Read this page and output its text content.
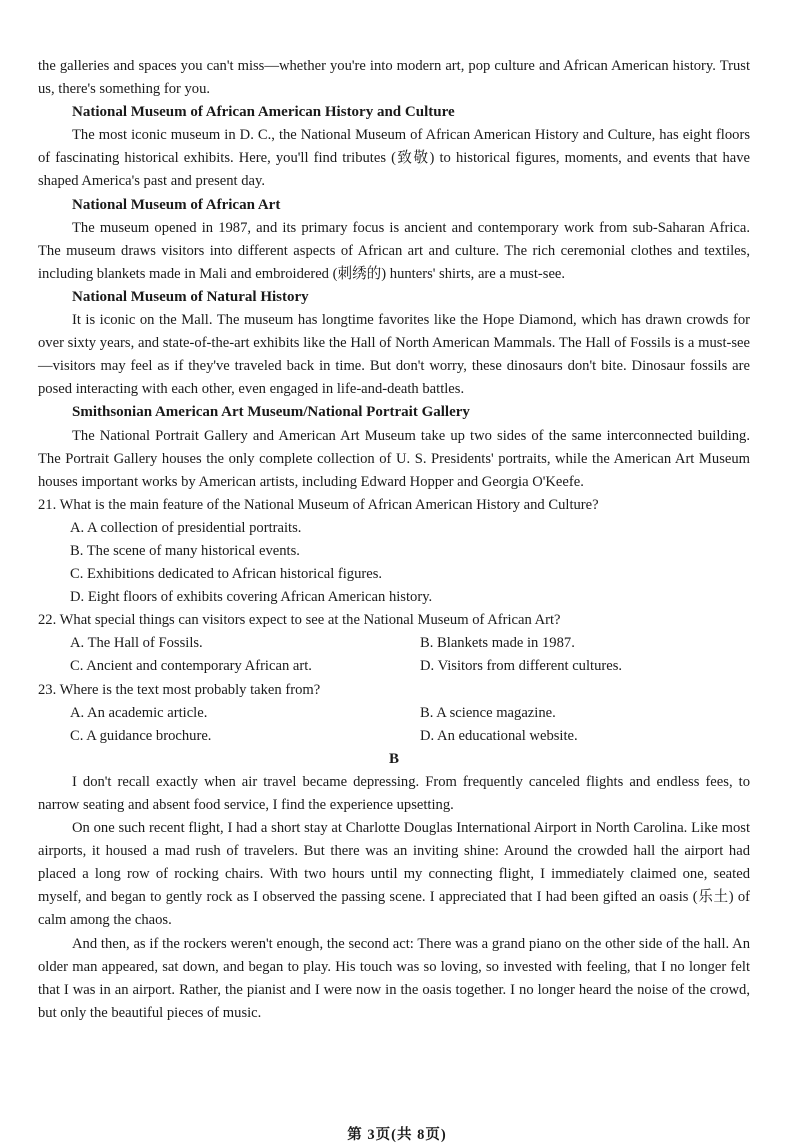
the galleries and spaces you can't miss—whether you're into modern art, pop culture and African American history. Trust us, there's something for you.

National Museum of African American History and Culture

The most iconic museum in D. C., the National Museum of African American History and Culture, has eight floors of fascinating historical exhibits. Here, you'll find tributes (致敬) to historical figures, moments, and events that have shaped America's past and present day.

National Museum of African Art

The museum opened in 1987, and its primary focus is ancient and contemporary work from sub-Saharan Africa. The museum draws visitors into different aspects of African art and culture. The rich ceremonial clothes and textiles, including blankets made in Mali and embroidered (刺绣的) hunters' shirts, are a must-see.

National Museum of Natural History

It is iconic on the Mall. The museum has longtime favorites like the Hope Diamond, which has drawn crowds for over sixty years, and state-of-the-art exhibits like the Hall of North American Mammals. The Hall of Fossils is a must-see—visitors may feel as if they've traveled back in time. But don't worry, these dinosaurs don't bite. Dinosaur fossils are posed interacting with each other, even engaged in life-and-death battles.

Smithsonian American Art Museum/National Portrait Gallery

The National Portrait Gallery and American Art Museum take up two sides of the same interconnected building. The Portrait Gallery houses the only complete collection of U. S. Presidents' portraits, while the American Art Museum houses important works by American artists, including Edward Hopper and Georgia O'Keefe.

21. What is the main feature of the National Museum of African American History and Culture?

A. A collection of presidential portraits.
B. The scene of many historical events.
C. Exhibitions dedicated to African historical figures.
D. Eight floors of exhibits covering African American history.

22. What special things can visitors expect to see at the National Museum of African Art?

A. The Hall of Fossils.	B. Blankets made in 1987.
C. Ancient and contemporary African art.	D. Visitors from different cultures.

23. Where is the text most probably taken from?

A. An academic article.	B. A science magazine.
C. A guidance brochure.	D. An educational website.
B

I don't recall exactly when air travel became depressing. From frequently canceled flights and endless fees, to narrow seating and absent food service, I find the experience upsetting.

On one such recent flight, I had a short stay at Charlotte Douglas International Airport in North Carolina. Like most airports, it housed a mad rush of travelers. But there was an inviting shine: Around the crowded hall the airport had placed a long row of rocking chairs. With two hours until my connecting flight, I immediately claimed one, seated myself, and began to gently rock as I observed the passing scene. I appreciated that I had been gifted an oasis (乐土) of calm among the chaos.

And then, as if the rockers weren't enough, the second act: There was a grand piano on the other side of the hall. An older man appeared, sat down, and began to play. His touch was so loving, so invested with feeling, that I no longer felt that I was in an airport. Rather, the pianist and I were now in the oasis together. I no longer heard the noise of the crowd, but only the beautiful pieces of music.

第 3页(共 8页)
